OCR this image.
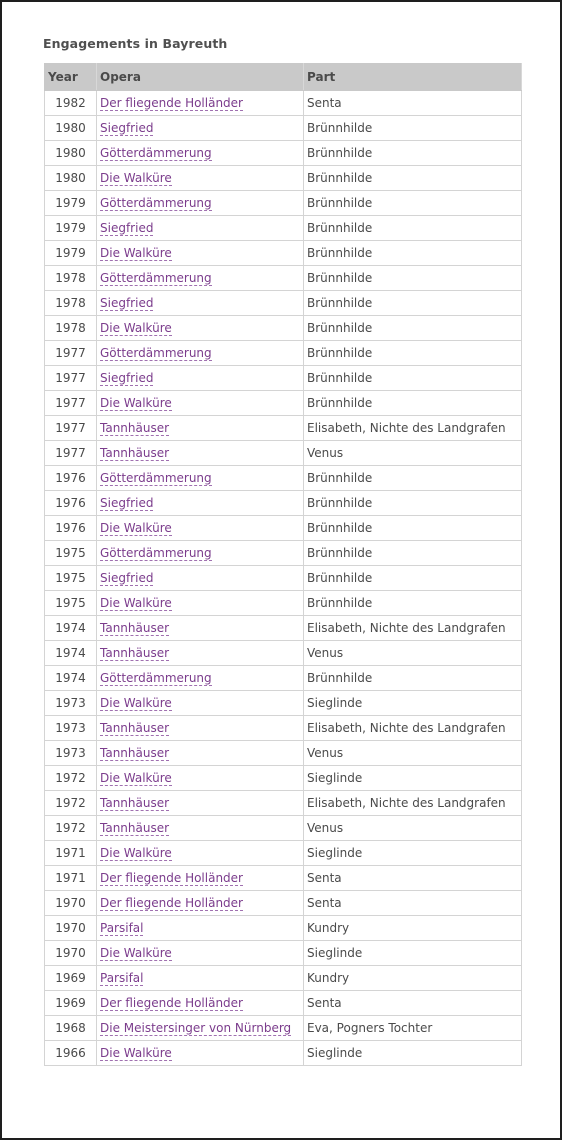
Engagements in Bayreuth
Year	Opera	Part
1982	Der fliegende Holländer	Senta
1980	Siegfried	Brünnhilde
1980	Götterdämmerung	Brünnhilde
1980	Die Walküre	Brünnhilde
1979	Götterdämmerung	Brünnhilde
1979	Siegfried	Brünnhilde
1979	Die Walküre	Brünnhilde
1978	Götterdämmerung	Brünnhilde
1978	Siegfried	Brünnhilde
1978	Die Walküre	Brünnhilde
1977	Götterdämmerung	Brünnhilde
1977	Siegfried	Brünnhilde
1977	Die Walküre	Brünnhilde
1977	Tannhäuser	Elisabeth, Nichte des Landgrafen
1977	Tannhäuser	Venus
1976	Götterdämmerung	Brünnhilde
1976	Siegfried	Brünnhilde
1976	Die Walküre	Brünnhilde
1975	Götterdämmerung	Brünnhilde
1975	Siegfried	Brünnhilde
1975	Die Walküre	Brünnhilde
1974	Tannhäuser	Elisabeth, Nichte des Landgrafen
1974	Tannhäuser	Venus
1974	Götterdämmerung	Brünnhilde
1973	Die Walküre	Sieglinde
1973	Tannhäuser	Elisabeth, Nichte des Landgrafen
1973	Tannhäuser	Venus
1972	Die Walküre	Sieglinde
1972	Tannhäuser	Elisabeth, Nichte des Landgrafen
1972	Tannhäuser	Venus
1971	Die Walküre	Sieglinde
1971	Der fliegende Holländer	Senta
1970	Der fliegende Holländer	Senta
1970	Parsifal	Kundry
1970	Die Walküre	Sieglinde
1969	Parsifal	Kundry
1969	Der fliegende Holländer	Senta
1968	Die Meistersinger von Nürnberg	Eva, Pogners Tochter
1966	Die Walküre	Sieglinde
